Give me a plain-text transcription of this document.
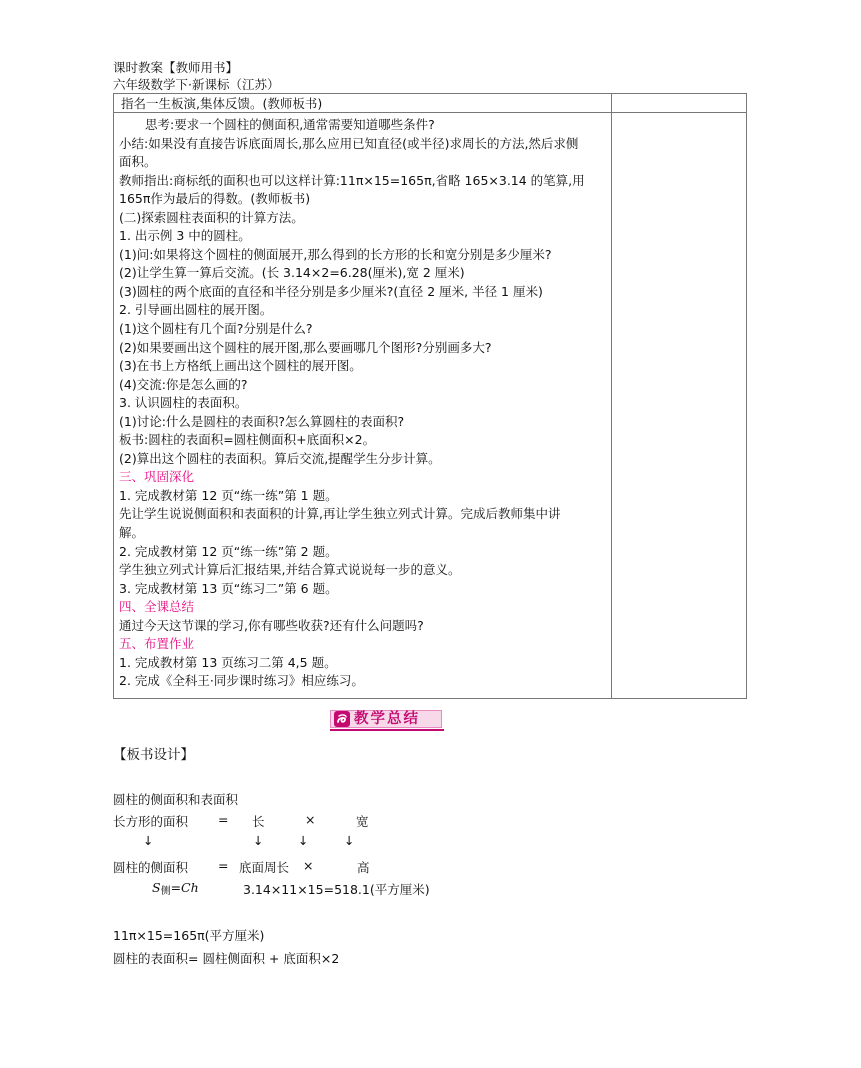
课时教案【教师用书】
六年级数学下·新课标（江苏）
指名一生板演,集体反馈。(教师板书)
思考:要求一个圆柱的侧面积,通常需要知道哪些条件?
小结:如果没有直接告诉底面周长,那么应用已知直径(或半径)求周长的方法,然后求侧
面积。
教师指出:商标纸的面积也可以这样计算:11π×15=165π,省略 165×3.14 的笔算,用
165π作为最后的得数。(教师板书)
(二)探索圆柱表面积的计算方法。
1. 出示例 3 中的圆柱。
(1)问:如果将这个圆柱的侧面展开,那么得到的长方形的长和宽分别是多少厘米?
(2)让学生算一算后交流。(长 3.14×2=6.28(厘米),宽 2 厘米)
(3)圆柱的两个底面的直径和半径分别是多少厘米?(直径 2 厘米, 半径 1 厘米)
2. 引导画出圆柱的展开图。
(1)这个圆柱有几个面?分别是什么?
(2)如果要画出这个圆柱的展开图,那么要画哪几个图形?分别画多大?
(3)在书上方格纸上画出这个圆柱的展开图。
(4)交流:你是怎么画的?
3. 认识圆柱的表面积。
(1)讨论:什么是圆柱的表面积?怎么算圆柱的表面积?
板书:圆柱的表面积=圆柱侧面积+底面积×2。
(2)算出这个圆柱的表面积。算后交流,提醒学生分步计算。
三、巩固深化
1. 完成教材第 12 页“练一练”第 1 题。
先让学生说说侧面积和表面积的计算,再让学生独立列式计算。完成后教师集中讲
解。
2. 完成教材第 12 页“练一练”第 2 题。
学生独立列式计算后汇报结果,并结合算式说说每一步的意义。
3. 完成教材第 13 页“练习二”第 6 题。
四、全课总结
通过今天这节课的学习,你有哪些收获?还有什么问题吗?
五、布置作业
1. 完成教材第 13 页练习二第 4,5 题。
2. 完成《全科王·同步课时练习》相应练习。
教学总结
【板书设计】
圆柱的侧面积和表面积
长方形的面积 = 长	×	宽
↓	↓	↓	↓
圆柱的侧面积 = 底面周长 ×	高
S侧=Ch	3.14×11×15=518.1(平方厘米)
11π×15=165π(平方厘米)
圆柱的表面积= 圆柱侧面积 + 底面积×2
